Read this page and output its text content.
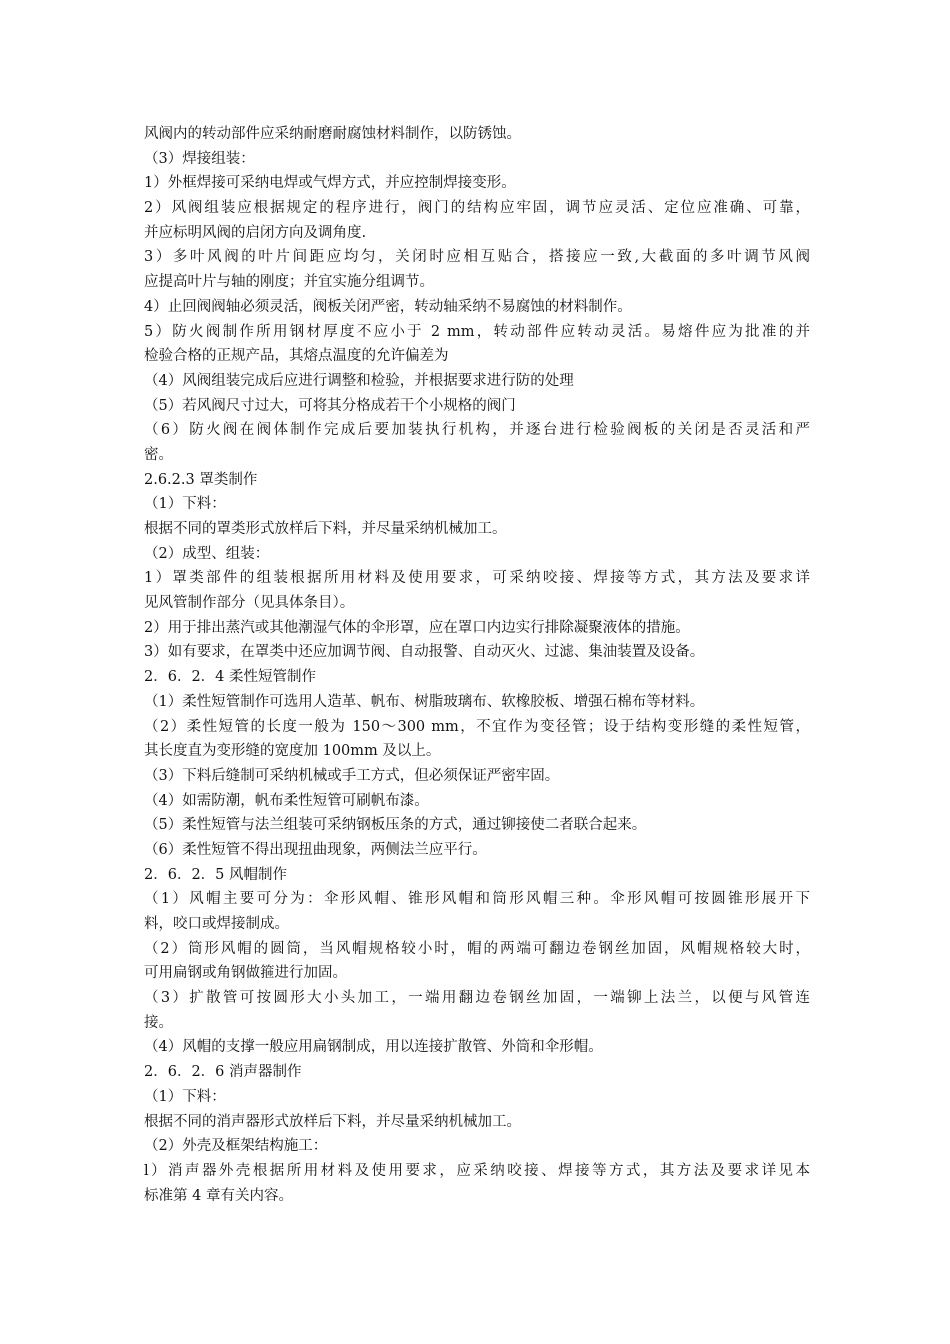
风阀内的转动部件应采纳耐磨耐腐蚀材料制作，以防锈蚀。
（3）焊接组装：
1）外框焊接可采纳电焊或气焊方式，并应控制焊接变形。
2）风阀组装应根据规定的程序进行，阀门的结构应牢固，调节应灵活、定位应准确、可靠，
并应标明风阀的启闭方向及调角度.
3）多叶风阀的叶片间距应均匀，关闭时应相互贴合，搭接应一致,大截面的多叶调节风阀
应提高叶片与轴的刚度；并宜实施分组调节。
4）止回阀阀轴必须灵活，阀板关闭严密，转动轴采纳不易腐蚀的材料制作。
5）防火阀制作所用钢材厚度不应小于 2 mm，转动部件应转动灵活。易熔件应为批准的并
检验合格的正规产品，其熔点温度的允许偏差为
（4）风阀组装完成后应进行调整和检验，并根据要求进行防的处理
（5）若风阀尺寸过大，可将其分格成若干个小规格的阀门
（6）防火阀在阀体制作完成后要加装执行机构，并逐台进行检验阀板的关闭是否灵活和严
密。
2.6.2.3 罩类制作
（1）下料：
根据不同的罩类形式放样后下料，并尽量采纳机械加工。
（2）成型、组装：
1）罩类部件的组装根据所用材料及使用要求，可采纳咬接、焊接等方式，其方法及要求详
见风管制作部分（见具体条目）。
2）用于排出蒸汽或其他潮湿气体的伞形罩，应在罩口内边实行排除凝聚液体的措施。
3）如有要求，在罩类中还应加调节阀、自动报警、自动灭火、过滤、集油装置及设备。
2．6．2．4 柔性短管制作
（1）柔性短管制作可选用人造革、帆布、树脂玻璃布、软橡胶板、增强石棉布等材料。
（2）柔性短管的长度一般为 150～300 mm，不宜作为变径管；设于结构变形缝的柔性短管，
其长度直为变形缝的宽度加 100mm 及以上。
（3）下料后缝制可采纳机械或手工方式，但必须保证严密牢固。
（4）如需防潮，帆布柔性短管可刷帆布漆。
（5）柔性短管与法兰组装可采纳钢板压条的方式，通过铆接使二者联合起来。
（6）柔性短管不得出现扭曲现象，两侧法兰应平行。
2．6．2．5 风帽制作
（1）风帽主要可分为：伞形风帽、锥形风帽和筒形风帽三种。伞形风帽可按圆锥形展开下
料，咬口或焊接制成。
（2）筒形风帽的圆筒，当风帽规格较小时，帽的两端可翻边卷钢丝加固，风帽规格较大时，
可用扁钢或角钢做箍进行加固。
（3）扩散管可按圆形大小头加工，一端用翻边卷钢丝加固，一端铆上法兰，以便与风管连
接。
（4）风帽的支撑一般应用扁钢制成，用以连接扩散管、外筒和伞形帽。
2．6．2．6 消声器制作
（1）下料：
根据不同的消声器形式放样后下料，并尽量采纳机械加工。
（2）外壳及框架结构施工：
l）消声器外壳根据所用材料及使用要求，应采纳咬接、焊接等方式，其方法及要求详见本
标准第 4 章有关内容。
